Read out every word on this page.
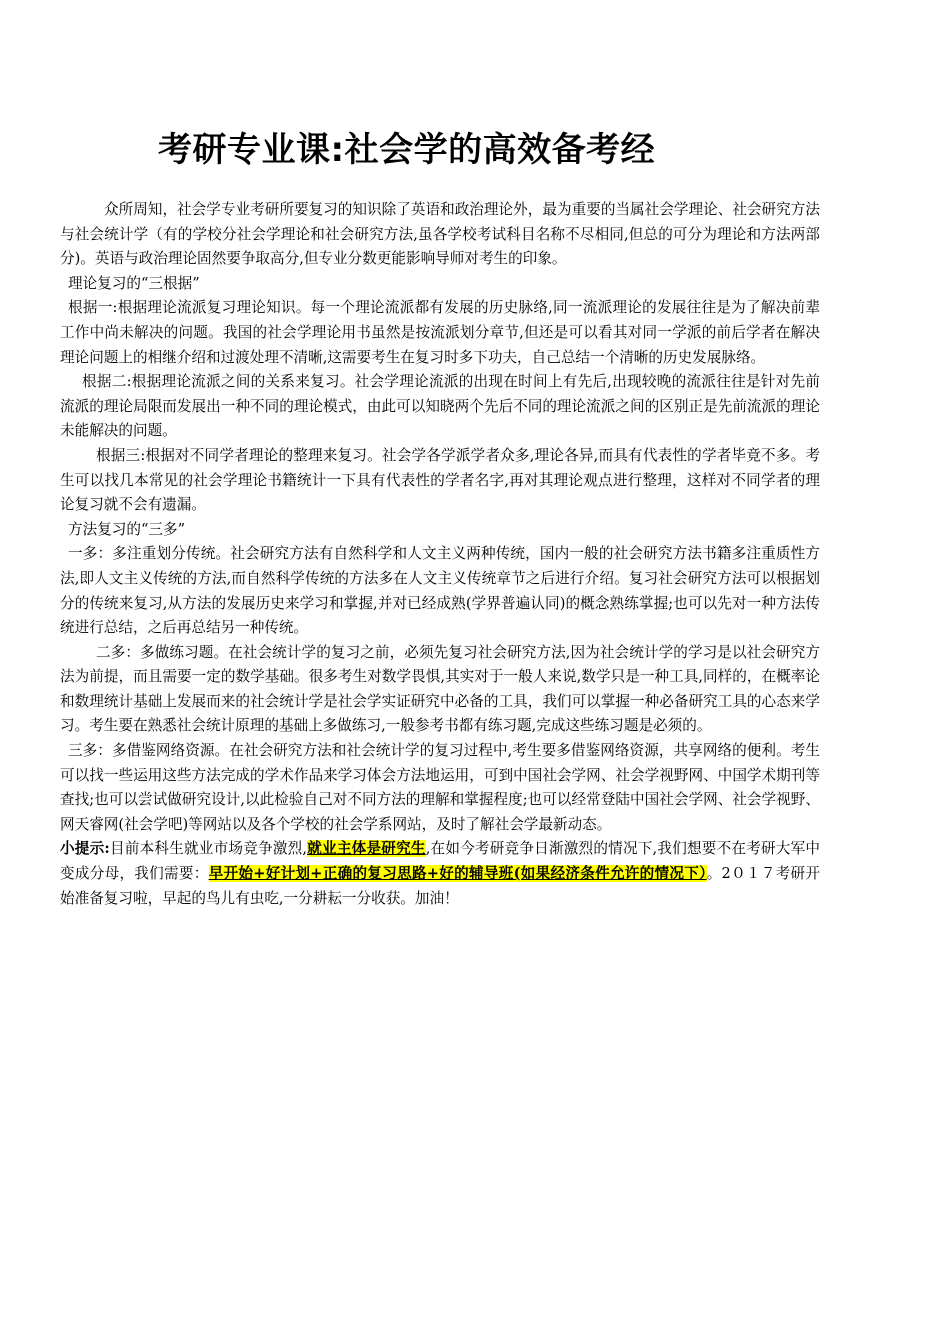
考研专业课:社会学的高效备考经

众所周知，社会学专业考研所要复习的知识除了英语和政治理论外，最为重要的当属社会学理论、社会研究方法与社会统计学（有的学校分社会学理论和社会研究方法,虽各学校考试科目名称不尽相同,但总的可分为理论和方法两部分)。英语与政治理论固然要争取高分,但专业分数更能影响导师对考生的印象。

理论复习的“三根据”

根据一:根据理论流派复习理论知识。每一个理论流派都有发展的历史脉络,同一流派理论的发展往往是为了解决前辈工作中尚未解决的问题。我国的社会学理论用书虽然是按流派划分章节,但还是可以看其对同一学派的前后学者在解决理论问题上的相继介绍和过渡处理不清晰,这需要考生在复习时多下功夫，自己总结一个清晰的历史发展脉络。

根据二:根据理论流派之间的关系来复习。社会学理论流派的出现在时间上有先后,出现较晚的流派往往是针对先前流派的理论局限而发展出一种不同的理论模式，由此可以知晓两个先后不同的理论流派之间的区别正是先前流派的理论未能解决的问题。

根据三:根据对不同学者理论的整理来复习。社会学各学派学者众多,理论各异,而具有代表性的学者毕竟不多。考生可以找几本常见的社会学理论书籍统计一下具有代表性的学者名字,再对其理论观点进行整理，这样对不同学者的理论复习就不会有遗漏。

方法复习的“三多”

一多：多注重划分传统。社会研究方法有自然科学和人文主义两种传统，国内一般的社会研究方法书籍多注重质性方法,即人文主义传统的方法,而自然科学传统的方法多在人文主义传统章节之后进行介绍。复习社会研究方法可以根据划分的传统来复习,从方法的发展历史来学习和掌握,并对已经成熟(学界普遍认同)的概念熟练掌握;也可以先对一种方法传统进行总结，之后再总结另一种传统。

二多：多做练习题。在社会统计学的复习之前，必须先复习社会研究方法,因为社会统计学的学习是以社会研究方法为前提，而且需要一定的数学基础。很多考生对数学畏惧,其实对于一般人来说,数学只是一种工具,同样的，在概率论和数理统计基础上发展而来的社会统计学是社会学实证研究中必备的工具，我们可以掌握一种必备研究工具的心态来学习。考生要在熟悉社会统计原理的基础上多做练习,一般参考书都有练习题,完成这些练习题是必须的。

三多：多借鉴网络资源。在社会研究方法和社会统计学的复习过程中,考生要多借鉴网络资源，共享网络的便利。考生可以找一些运用这些方法完成的学术作品来学习体会方法地运用，可到中国社会学网、社会学视野网、中国学术期刊等查找;也可以尝试做研究设计,以此检验自己对不同方法的理解和掌握程度;也可以经常登陆中国社会学网、社会学视野、网天睿网(社会学吧)等网站以及各个学校的社会学系网站，及时了解社会学最新动态。

小提示:目前本科生就业市场竞争激烈,就业主体是研究生,在如今考研竞争日渐激烈的情况下,我们想要不在考研大军中变成分母，我们需要：早开始+好计划+正确的复习思路+好的辅导班(如果经济条件允许的情况下）。2０１７考研开始准备复习啦，早起的鸟儿有虫吃,一分耕耘一分收获。加油！
